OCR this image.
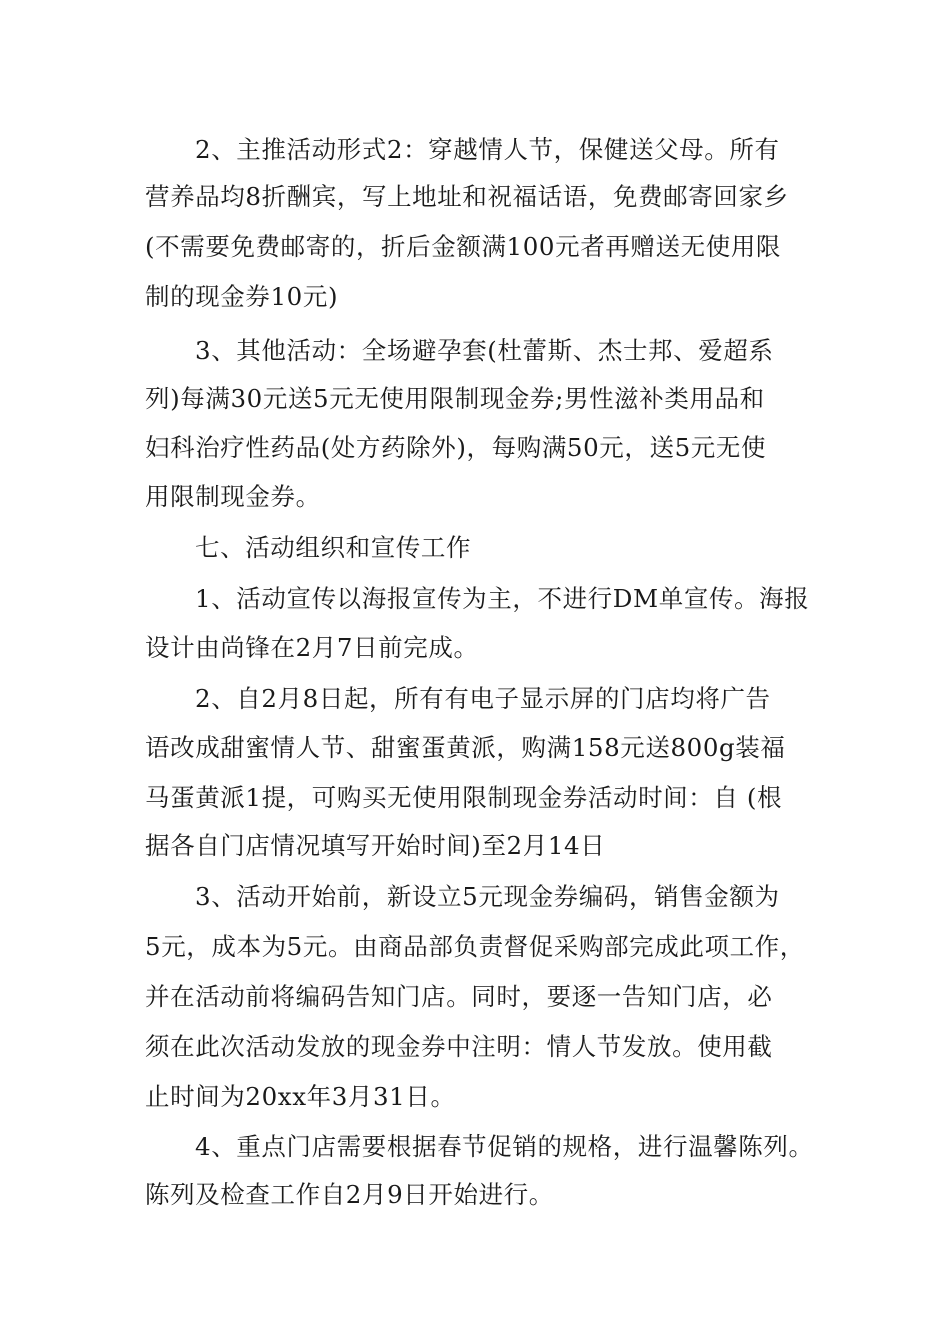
2、主推活动形式2：穿越情人节，保健送父母。所有
营养品均8折酬宾，写上地址和祝福话语，免费邮寄回家乡
(不需要免费邮寄的，折后金额满100元者再赠送无使用限
制的现金券10元)
3、其他活动：全场避孕套(杜蕾斯、杰士邦、爱超系
列)每满30元送5元无使用限制现金券;男性滋补类用品和
妇科治疗性药品(处方药除外)，每购满50元，送5元无使
用限制现金券。
七、活动组织和宣传工作
1、活动宣传以海报宣传为主，不进行DM单宣传。海报
设计由尚锋在2月7日前完成。
2、自2月8日起，所有有电子显示屏的门店均将广告
语改成甜蜜情人节、甜蜜蛋黄派，购满158元送800g装福
马蛋黄派1提，可购买无使用限制现金券活动时间：自 (根
据各自门店情况填写开始时间)至2月14日
3、活动开始前，新设立5元现金券编码，销售金额为
5元，成本为5元。由商品部负责督促采购部完成此项工作，
并在活动前将编码告知门店。同时，要逐一告知门店，必
须在此次活动发放的现金券中注明：情人节发放。使用截
止时间为20xx年3月31日。
4、重点门店需要根据春节促销的规格，进行温馨陈列。
陈列及检查工作自2月9日开始进行。
